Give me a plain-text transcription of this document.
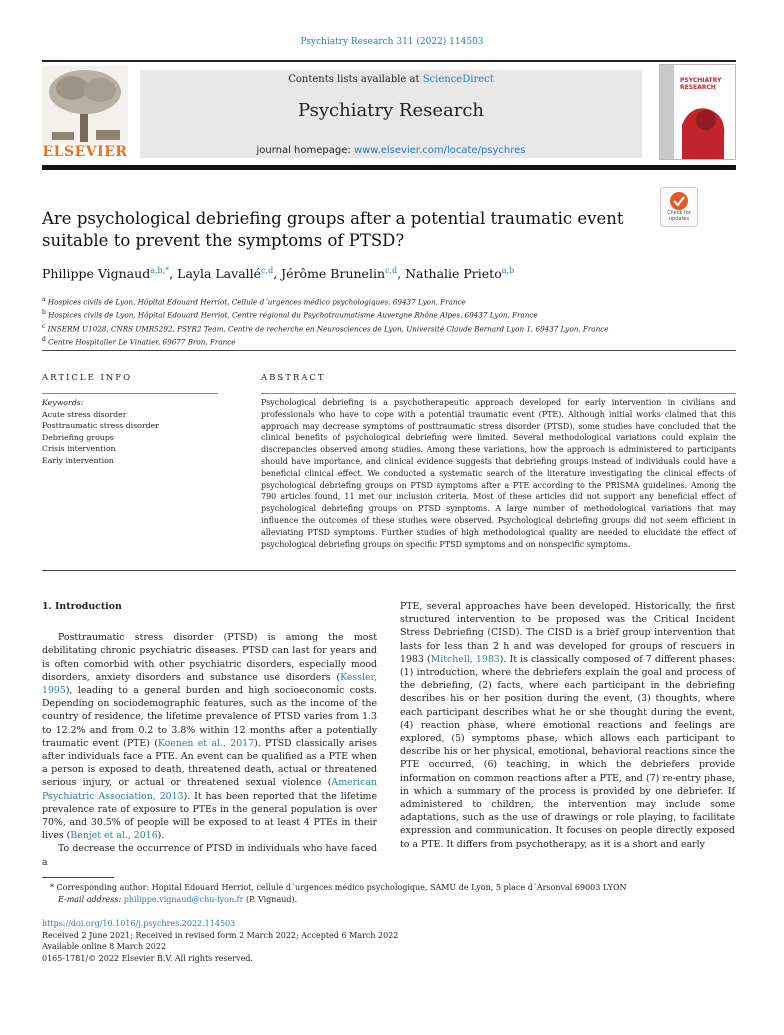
Psychiatry Research 311 (2022) 114503
ELSEVIER
Contents lists available at ScienceDirect
Psychiatry Research
journal homepage: www.elsevier.com/locate/psychres
PSYCHIATRY
RESEARCH
Are psychological debriefing groups after a potential traumatic event
suitable to prevent the symptoms of PTSD?
Check for updates
Philippe Vignaud$^{a,b,*}$, Layla Lavallé$^{c,d}$, Jérôme Brunelin$^{c,d}$, Nathalie Prieto$^{a,b}$
$^a$ Hospices civils de Lyon, Hôpital Edouard Herriot, Cellule d´urgences médico psychologiques, 69437 Lyon, France
$^b$ Hospices civils de Lyon, Hôpital Edouard Herriot, Centre régional du Psychotraumatisme Auvergne Rhône Alpes, 69437 Lyon, France
$^c$ INSERM U1028, CNRS UMR5292, PSYR2 Team, Centre de recherche en Neurosciences de Lyon, Université Claude Bernard Lyon 1, 69437 Lyon, France
$^d$ Centre Hospitalier Le Vinatier, 69677 Bron, France
ARTICLE INFO	ABSTRACT
Keywords:
Acute stress disorder
Posttraumatic stress disorder
Debriefing groups
Crisis intervention
Early intervention
Psychological debriefing is a psychotherapeutic approach developed for early intervention in civilians and professionals who have to cope with a potential traumatic event (PTE). Although initial works claimed that this approach may decrease symptoms of posttraumatic stress disorder (PTSD), some studies have concluded that the clinical benefits of psychological debriefing were limited. Several methodological variations could explain the discrepancies observed among studies. Among these variations, how the approach is administered to participants should have importance, and clinical evidence suggests that debriefing groups instead of individuals could have a beneficial clinical effect. We conducted a systematic search of the literature investigating the clinical effects of psychological debriefing groups on PTSD symptoms after a PTE according to the PRISMA guidelines. Among the 790 articles found, 11 met our inclusion criteria. Most of these articles did not support any beneficial effect of psychological debriefing groups on PTSD symptoms. A large number of methodological variations that may influence the outcomes of these studies were observed. Psychological debriefing groups did not seem efficient in alleviating PTSD symptoms. Further studies of high methodological quality are needed to elucidate the effect of psychological debriefing groups on specific PTSD symptoms and on nonspecific symptoms.
1. Introduction

Posttraumatic stress disorder (PTSD) is among the most debilitating chronic psychiatric diseases. PTSD can last for years and is often comorbid with other psychiatric disorders, especially mood disorders, anxiety disorders and substance use disorders (Kessler, 1995), leading to a general burden and high socioeconomic costs. Depending on sociodemographic features, such as the income of the country of residence, the lifetime prevalence of PTSD varies from 1.3 to 12.2% and from 0.2 to 3.8% within 12 months after a potentially traumatic event (PTE) (Koenen et al., 2017). PTSD classically arises after individuals face a PTE. An event can be qualified as a PTE when a person is exposed to death, threatened death, actual or threatened serious injury, or actual or threatened sexual violence (American Psychiatric Association, 2013). It has been reported that the lifetime prevalence rate of exposure to PTEs in the general population is over 70%, and 30.5% of people will be exposed to at least 4 PTEs in their lives (Benjet et al., 2016).

To decrease the occurrence of PTSD in individuals who have faced a

PTE, several approaches have been developed. Historically, the first structured intervention to be proposed was the Critical Incident Stress Debriefing (CISD). The CISD is a brief group intervention that lasts for less than 2 h and was developed for groups of rescuers in 1983 (Mitchell, 1983). It is classically composed of 7 different phases: (1) introduction, where the debriefers explain the goal and process of the debriefing, (2) facts, where each participant in the debriefing describes his or her position during the event, (3) thoughts, where each participant describes what he or she thought during the event, (4) reaction phase, where emotional reactions and feelings are explored, (5) symptoms phase, which allows each participant to describe his or her physical, emotional, behavioral reactions since the PTE occurred, (6) teaching, in which the debriefers provide information on common reactions after a PTE, and (7) re-entry phase, in which a summary of the process is provided by one debriefer. If administered to children, the intervention may include some adaptations, such as the use of drawings or role playing, to facilitate expression and communication. It focuses on people directly exposed to a PTE. It differs from psychotherapy, as it is a short and early

* Corresponding author: Hopital Edouard Herriot, cellule d´urgences médico psychologique, SAMU de Lyon, 5 place d´Arsonval 69003 LYON
E-mail address: philippe.vignaud@chu-lyon.fr (P. Vignaud).
https://doi.org/10.1016/j.psychres.2022.114503
Received 2 June 2021; Received in revised form 2 March 2022; Accepted 6 March 2022
Available online 8 March 2022
0165-1781/© 2022 Elsevier B.V. All rights reserved.
